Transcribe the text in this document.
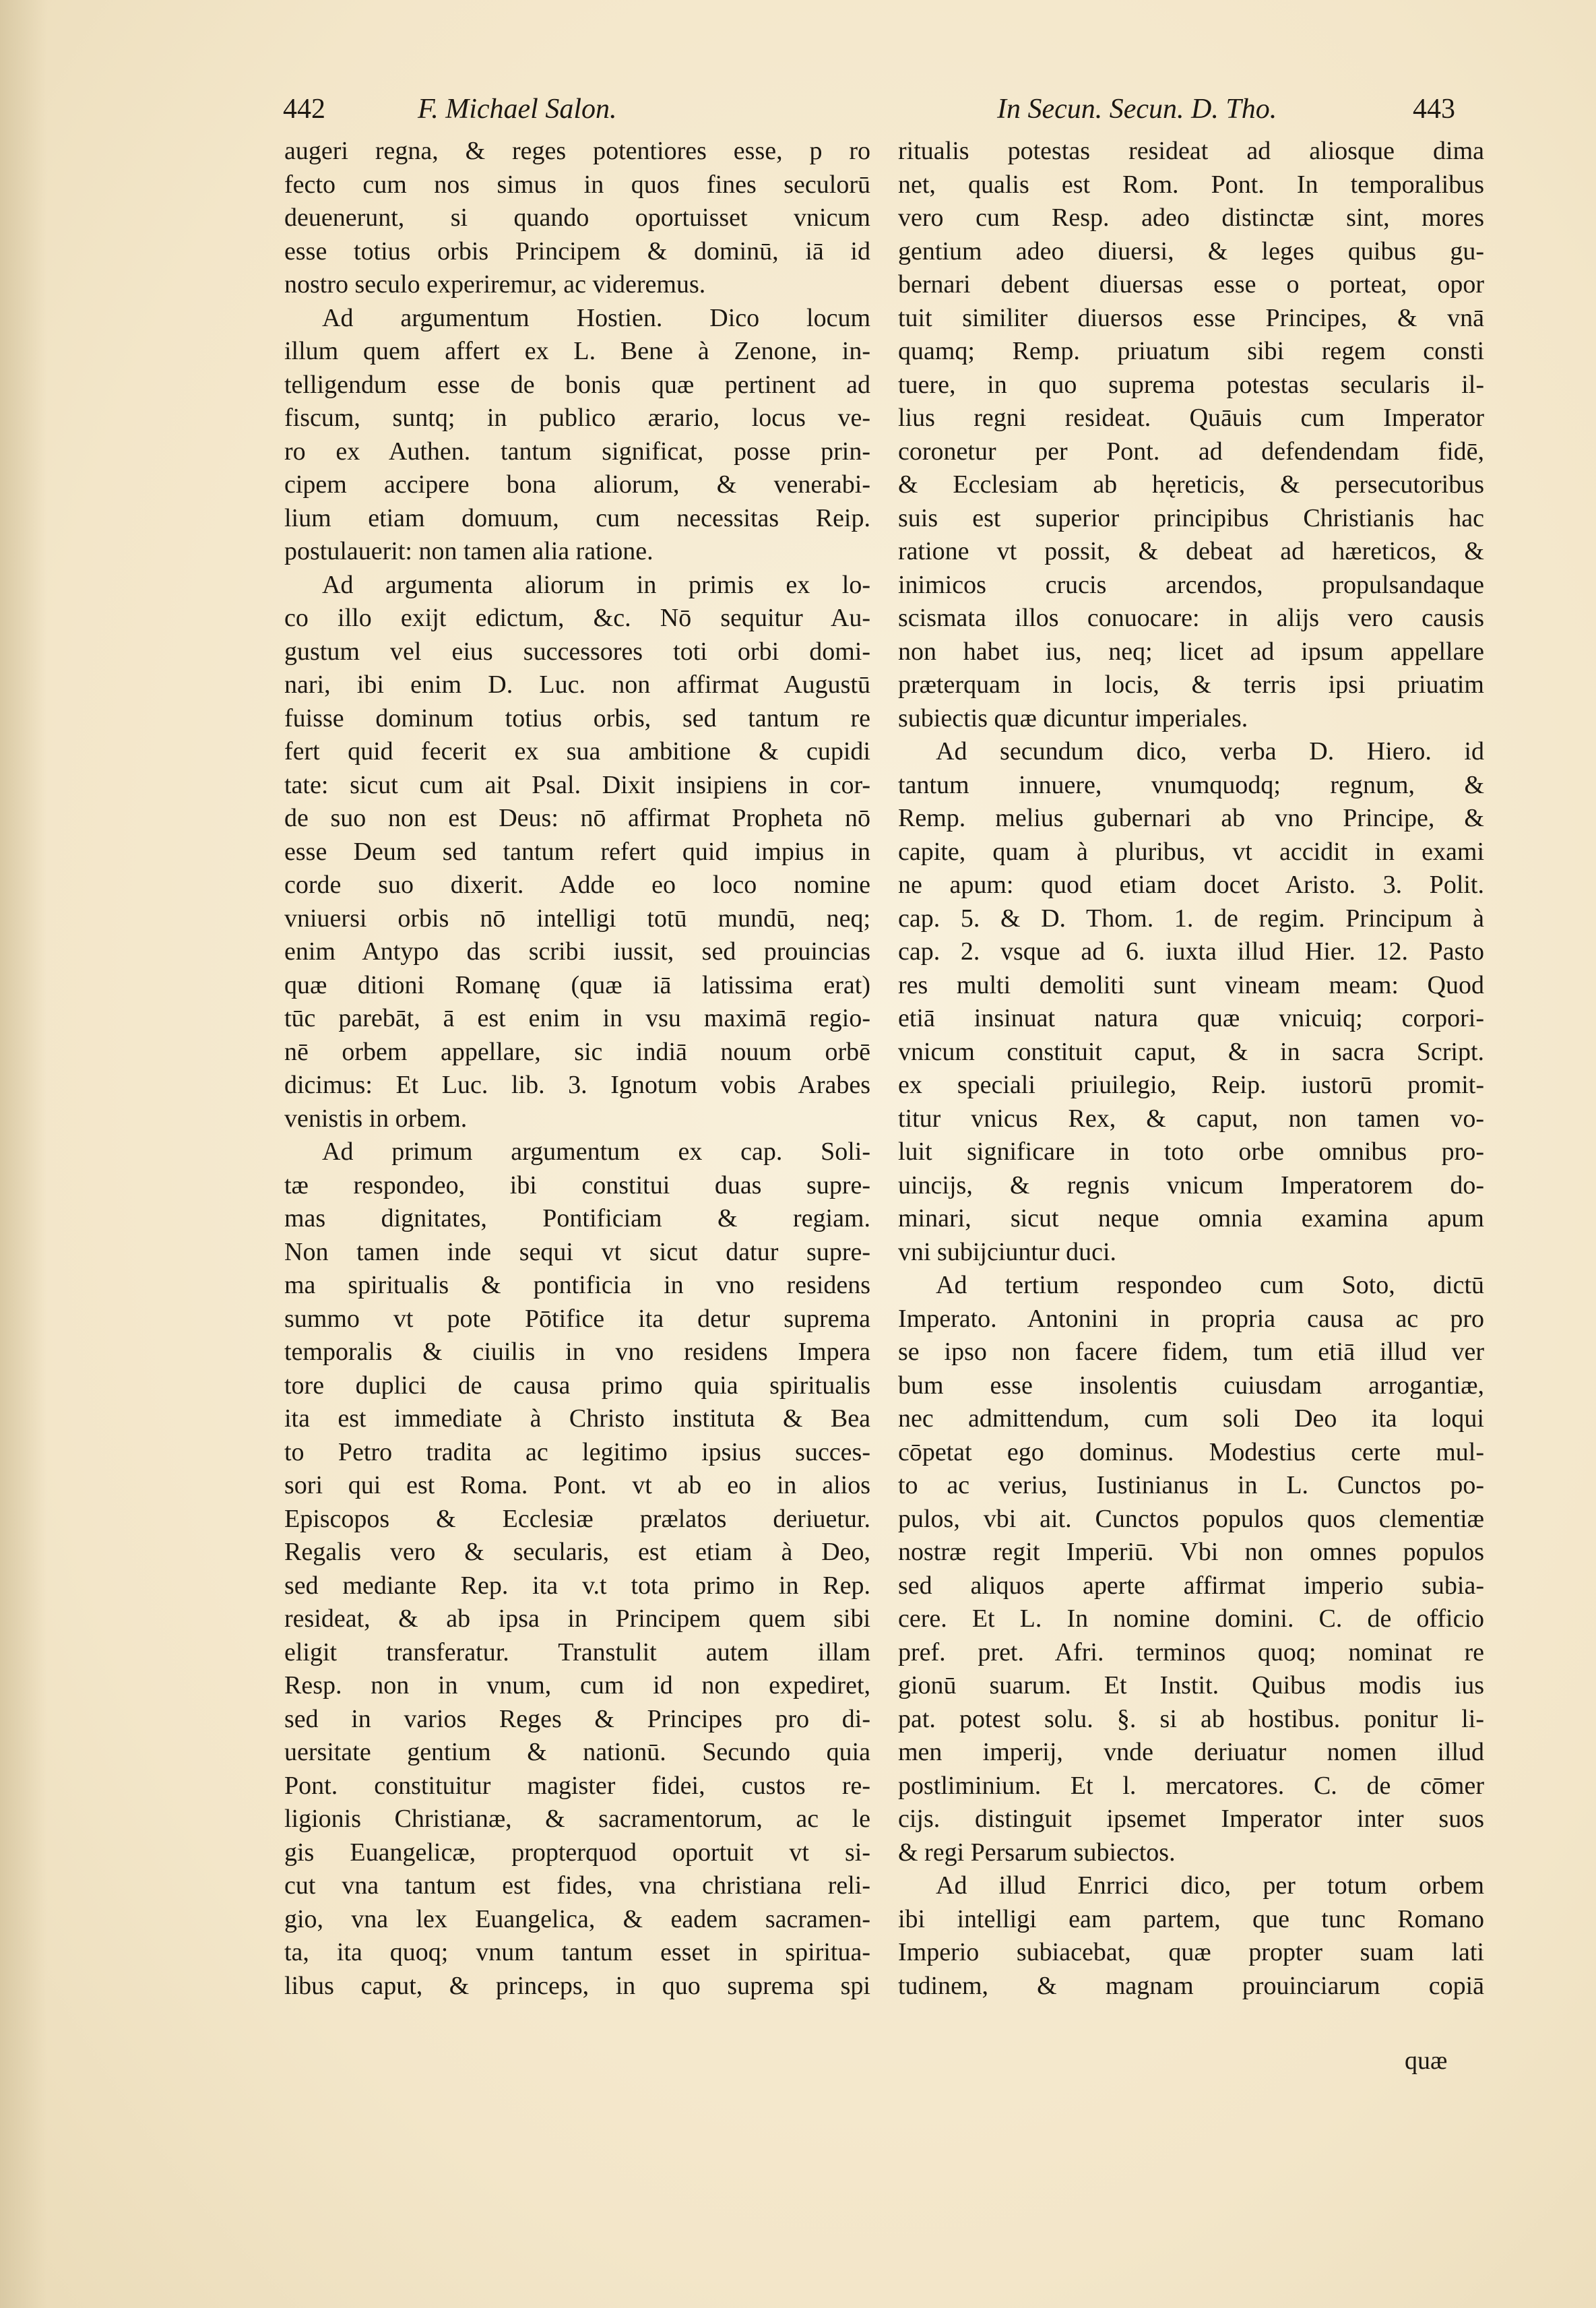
442	F. Michael Salon.	In Secun. Secun. D. Tho.	443
augeri regna, & reges potentiores esse, p ro
fecto cum nos simus in quos fines seculorū
deuenerunt, si quando oportuisset vnicum
esse totius orbis Principem & dominū, iā id
nostro seculo experiremur, ac videremus.
Ad argumentum Hostien. Dico locum
illum quem affert ex L. Bene à Zenone, in-
telligendum esse de bonis quæ pertinent ad
fiscum, suntq; in publico ærario, locus ve-
ro ex Authen. tantum significat, posse prin-
cipem accipere bona aliorum, & venerabi-
lium etiam domuum, cum necessitas Reip.
postulauerit: non tamen alia ratione.
Ad argumenta aliorum in primis ex lo-
co illo exijt edictum, &c. Nō sequitur Au-
gustum vel eius successores toti orbi domi-
nari, ibi enim D. Luc. non affirmat Augustū
fuisse dominum totius orbis, sed tantum re
fert quid fecerit ex sua ambitione & cupidi
tate: sicut cum ait Psal. Dixit insipiens in cor-
de suo non est Deus: nō affirmat Propheta nō
esse Deum sed tantum refert quid impius in
corde suo dixerit. Adde eo loco nomine
vniuersi orbis nō intelligi totū mundū, neq;
enim Antypo das scribi iussit, sed prouincias
quæ ditioni Romanę (quæ iā latissima erat)
tūc parebāt, ā est enim in vsu maximā regio-
nē orbem appellare, sic indiā nouum orbē
dicimus: Et Luc. lib. 3. Ignotum vobis Arabes
venistis in orbem.
Ad primum argumentum ex cap. Soli-
tæ respondeo, ibi constitui duas supre-
mas dignitates, Pontificiam & regiam.
Non tamen inde sequi vt sicut datur supre-
ma spiritualis & pontificia in vno residens
summo vt pote Pōtifice ita detur suprema
temporalis & ciuilis in vno residens Impera
tore duplici de causa primo quia spiritualis
ita est immediate à Christo instituta & Bea
to Petro tradita ac legitimo ipsius succes-
sori qui est Roma. Pont. vt ab eo in alios
Episcopos & Ecclesiæ prælatos deriuetur.
Regalis vero & secularis, est etiam à Deo,
sed mediante Rep. ita v.t tota primo in Rep.
resideat, & ab ipsa in Principem quem sibi
eligit transferatur. Transtulit autem illam
Resp. non in vnum, cum id non expediret,
sed in varios Reges & Principes pro di-
uersitate gentium & nationū. Secundo quia
Pont. constituitur magister fidei, custos re-
ligionis Christianæ, & sacramentorum, ac le
gis Euangelicæ, propterquod oportuit vt si-
cut vna tantum est fides, vna christiana reli-
gio, vna lex Euangelica, & eadem sacramen-
ta, ita quoq; vnum tantum esset in spiritua-
libus caput, & princeps, in quo suprema spi
ritualis potestas resideat ad aliosque dima
net, qualis est Rom. Pont. In temporalibus
vero cum Resp. adeo distinctæ sint, mores
gentium adeo diuersi, & leges quibus gu-
bernari debent diuersas esse o porteat, opor
tuit similiter diuersos esse Principes, & vnā
quamq; Remp. priuatum sibi regem consti
tuere, in quo suprema potestas secularis il-
lius regni resideat. Quāuis cum Imperator
coronetur per Pont. ad defendendam fidē,
& Ecclesiam ab hęreticis, & persecutoribus
suis est superior principibus Christianis hac
ratione vt possit, & debeat ad hæreticos, &
inimicos crucis arcendos, propulsandaque
scismata illos conuocare: in alijs vero causis
non habet ius, neq; licet ad ipsum appellare
præterquam in locis, & terris ipsi priuatim
subiectis quæ dicuntur imperiales.
Ad secundum dico, verba D. Hiero. id
tantum innuere, vnumquodq; regnum, &
Remp. melius gubernari ab vno Principe, &
capite, quam à pluribus, vt accidit in exami
ne apum: quod etiam docet Aristo. 3. Polit.
cap. 5. & D. Thom. 1. de regim. Principum à
cap. 2. vsque ad 6. iuxta illud Hier. 12. Pasto
res multi demoliti sunt vineam meam: Quod
etiā insinuat natura quæ vnicuiq; corpori-
vnicum constituit caput, & in sacra Script.
ex speciali priuilegio, Reip. iustorū promit-
titur vnicus Rex, & caput, non tamen vo-
luit significare in toto orbe omnibus pro-
uincijs, & regnis vnicum Imperatorem do-
minari, sicut neque omnia examina apum
vni subijciuntur duci.
Ad tertium respondeo cum Soto, dictū
Imperato. Antonini in propria causa ac pro
se ipso non facere fidem, tum etiā illud ver
bum esse insolentis cuiusdam arrogantiæ,
nec admittendum, cum soli Deo ita loqui
cōpetat ego dominus. Modestius certe mul-
to ac verius, Iustinianus in L. Cunctos po-
pulos, vbi ait. Cunctos populos quos clementiæ
nostræ regit Imperiū. Vbi non omnes populos
sed aliquos aperte affirmat imperio subia-
cere. Et L. In nomine domini. C. de officio
pref. pret. Afri. terminos quoq; nominat re
gionū suarum. Et Instit. Quibus modis ius
pat. potest solu. §. si ab hostibus. ponitur li-
men imperij, vnde deriuatur nomen illud
postliminium. Et l. mercatores. C. de cōmer
cijs. distinguit ipsemet Imperator inter suos
& regi Persarum subiectos.
Ad illud Enrrici dico, per totum orbem
ibi intelligi eam partem, que tunc Romano
Imperio subiacebat, quæ propter suam lati
tudinem, & magnam prouinciarum copiā
quæ
